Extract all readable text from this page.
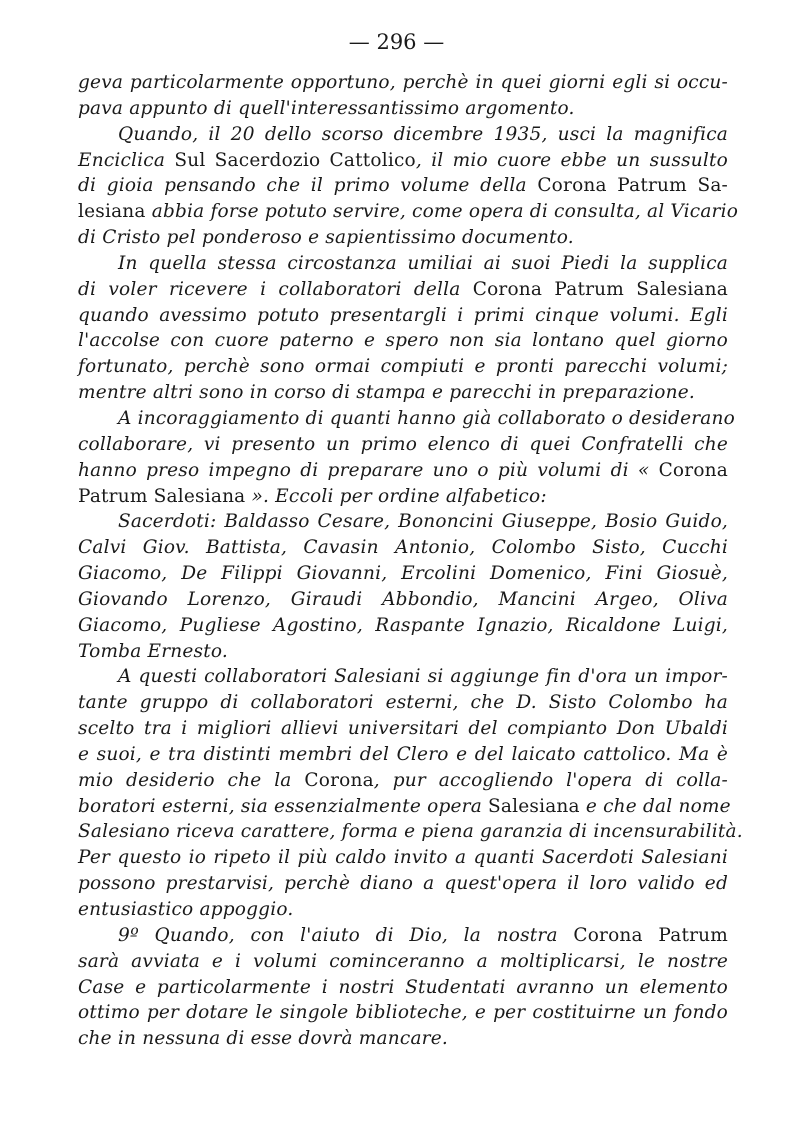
— 296 —
geva particolarmente opportuno, perchè in quei giorni egli si occu-
pava appunto di quell'interessantissimo argomento.
Quando, il 20 dello scorso dicembre 1935, usci la magnifica
Enciclica Sul Sacerdozio Cattolico, il mio cuore ebbe un sussulto
di gioia pensando che il primo volume della Corona Patrum Sa-
lesiana abbia forse potuto servire, come opera di consulta, al Vicario
di Cristo pel ponderoso e sapientissimo documento.
In quella stessa circostanza umiliai ai suoi Piedi la supplica
di voler ricevere i collaboratori della Corona Patrum Salesiana
quando avessimo potuto presentargli i primi cinque volumi. Egli
l'accolse con cuore paterno e spero non sia lontano quel giorno
fortunato, perchè sono ormai compiuti e pronti parecchi volumi;
mentre altri sono in corso di stampa e parecchi in preparazione.
A incoraggiamento di quanti hanno già collaborato o desiderano
collaborare, vi presento un primo elenco di quei Confratelli che
hanno preso impegno di preparare uno o più volumi di « Corona
Patrum Salesiana ». Eccoli per ordine alfabetico:
Sacerdoti: Baldasso Cesare, Bononcini Giuseppe, Bosio Guido,
Calvi Giov. Battista, Cavasin Antonio, Colombo Sisto, Cucchi
Giacomo, De Filippi Giovanni, Ercolini Domenico, Fini Giosuè,
Giovando Lorenzo, Giraudi Abbondio, Mancini Argeo, Oliva
Giacomo, Pugliese Agostino, Raspante Ignazio, Ricaldone Luigi,
Tomba Ernesto.
A questi collaboratori Salesiani si aggiunge fin d'ora un impor-
tante gruppo di collaboratori esterni, che D. Sisto Colombo ha
scelto tra i migliori allievi universitari del compianto Don Ubaldi
e suoi, e tra distinti membri del Clero e del laicato cattolico. Ma è
mio desiderio che la Corona, pur accogliendo l'opera di colla-
boratori esterni, sia essenzialmente opera Salesiana e che dal nome
Salesiano riceva carattere, forma e piena garanzia di incensurabilità.
Per questo io ripeto il più caldo invito a quanti Sacerdoti Salesiani
possono prestarvisi, perchè diano a quest'opera il loro valido ed
entusiastico appoggio.
9º Quando, con l'aiuto di Dio, la nostra Corona Patrum
sarà avviata e i volumi cominceranno a moltiplicarsi, le nostre
Case e particolarmente i nostri Studentati avranno un elemento
ottimo per dotare le singole biblioteche, e per costituirne un fondo
che in nessuna di esse dovrà mancare.
